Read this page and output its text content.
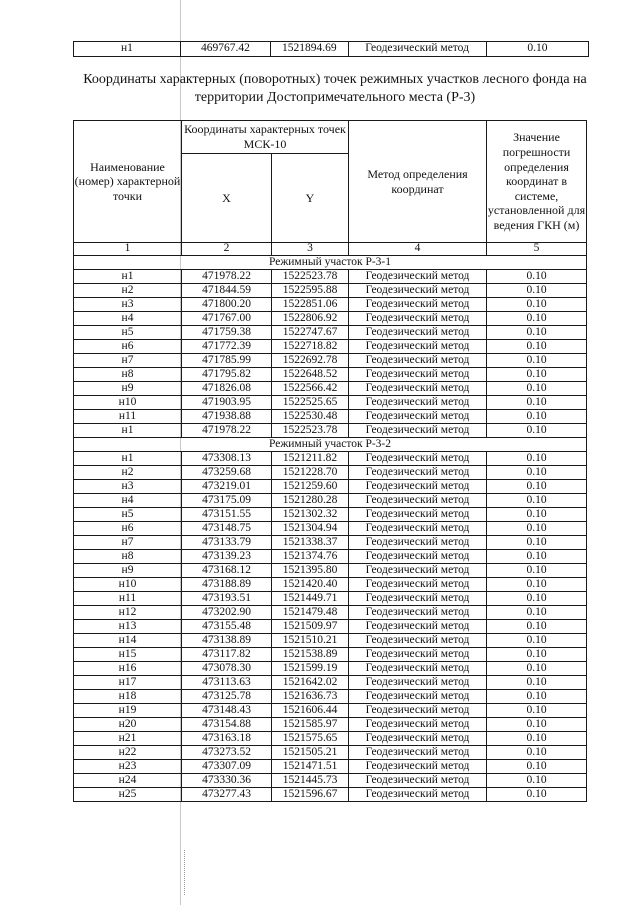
н1	469767.42	1521894.69	Геодезический метод	0.10
Координаты характерных (поворотных) точек режимных участков лесного фонда на территории Достопримечательного места (Р-3)
Наименование (номер) характерной точки	Координаты характерных точек МСК-10		Метод определения координат	Значение погрешности определения координат в системе, установленной для ведения ГКН (м)
	X	Y		
1	2	3	4	5
Режимный участок Р-3-1				
н1	471978.22	1522523.78	Геодезический метод	0.10
н2	471844.59	1522595.88	Геодезический метод	0.10
н3	471800.20	1522851.06	Геодезический метод	0.10
н4	471767.00	1522806.92	Геодезический метод	0.10
н5	471759.38	1522747.67	Геодезический метод	0.10
н6	471772.39	1522718.82	Геодезический метод	0.10
н7	471785.99	1522692.78	Геодезический метод	0.10
н8	471795.82	1522648.52	Геодезический метод	0.10
н9	471826.08	1522566.42	Геодезический метод	0.10
н10	471903.95	1522525.65	Геодезический метод	0.10
н11	471938.88	1522530.48	Геодезический метод	0.10
н1	471978.22	1522523.78	Геодезический метод	0.10
Режимный участок Р-3-2				
н1	473308.13	1521211.82	Геодезический метод	0.10
н2	473259.68	1521228.70	Геодезический метод	0.10
н3	473219.01	1521259.60	Геодезический метод	0.10
н4	473175.09	1521280.28	Геодезический метод	0.10
н5	473151.55	1521302.32	Геодезический метод	0.10
н6	473148.75	1521304.94	Геодезический метод	0.10
н7	473133.79	1521338.37	Геодезический метод	0.10
н8	473139.23	1521374.76	Геодезический метод	0.10
н9	473168.12	1521395.80	Геодезический метод	0.10
н10	473188.89	1521420.40	Геодезический метод	0.10
н11	473193.51	1521449.71	Геодезический метод	0.10
н12	473202.90	1521479.48	Геодезический метод	0.10
н13	473155.48	1521509.97	Геодезический метод	0.10
н14	473138.89	1521510.21	Геодезический метод	0.10
н15	473117.82	1521538.89	Геодезический метод	0.10
н16	473078.30	1521599.19	Геодезический метод	0.10
н17	473113.63	1521642.02	Геодезический метод	0.10
н18	473125.78	1521636.73	Геодезический метод	0.10
н19	473148.43	1521606.44	Геодезический метод	0.10
н20	473154.88	1521585.97	Геодезический метод	0.10
н21	473163.18	1521575.65	Геодезический метод	0.10
н22	473273.52	1521505.21	Геодезический метод	0.10
н23	473307.09	1521471.51	Геодезический метод	0.10
н24	473330.36	1521445.73	Геодезический метод	0.10
н25	473277.43	1521596.67	Геодезический метод	0.10
